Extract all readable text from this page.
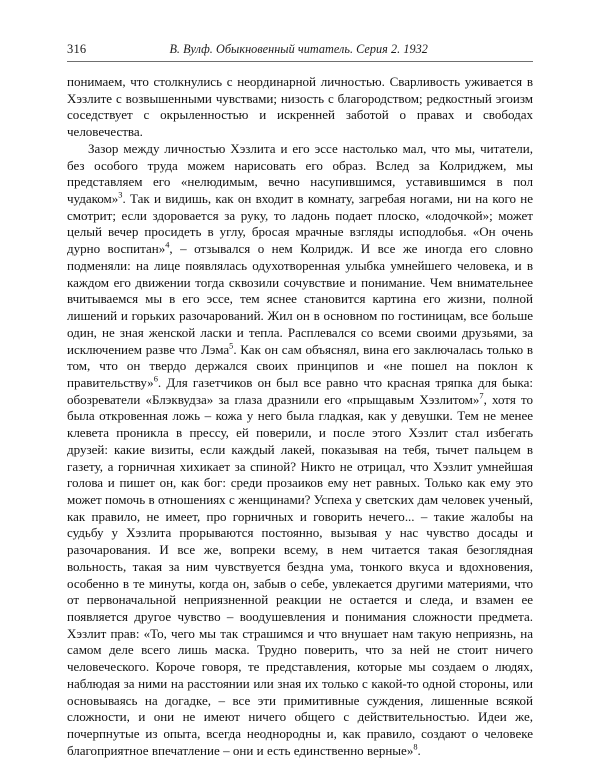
316	В. Вулф. Обыкновенный читатель. Серия 2. 1932

понимаем, что столкнулись с неординарной личностью. Сварливость уживается в Хэзлите с возвышенными чувствами; низость с благородством; редкостный эгоизм соседствует с окрыленностью и искренней заботой о правах и свободах человечества.

Зазор между личностью Хэзлита и его эссе настолько мал, что мы, читатели, без особого труда можем нарисовать его образ. Вслед за Колриджем, мы представляем его «нелюдимым, вечно насупившимся, уставившимся в пол чудаком»$^3$. Так и видишь, как он входит в комнату, загребая ногами, ни на кого не смотрит; если здоровается за руку, то ладонь подает плоско, «лодочкой»; может целый вечер просидеть в углу, бросая мрачные взгляды исподлобья. «Он очень дурно воспитан»$^4$, – отзывался о нем Колридж. И все же иногда его словно подменяли: на лице появлялась одухотворенная улыбка умнейшего человека, и в каждом его движении тогда сквозили сочувствие и понимание. Чем внимательнее вчитываемся мы в его эссе, тем яснее становится картина его жизни, полной лишений и горьких разочарований. Жил он в основном по гостиницам, все больше один, не зная женской ласки и тепла. Расплевался со всеми своими друзьями, за исключением разве что Лэма$^5$. Как он сам объяснял, вина его заключалась только в том, что он твердо держался своих принципов и «не пошел на поклон к правительству»$^6$. Для газетчиков он был все равно что красная тряпка для быка: обозреватели «Блэквудза» за глаза дразнили его «прыщавым Хэзлитом»$^7$, хотя то была откровенная ложь – кожа у него была гладкая, как у девушки. Тем не менее клевета проникла в прессу, ей поверили, и после этого Хэзлит стал избегать друзей: какие визиты, если каждый лакей, показывая на тебя, тычет пальцем в газету, а горничная хихикает за спиной? Никто не отрицал, что Хэзлит умнейшая голова и пишет он, как бог: среди прозаиков ему нет равных. Только как ему это может помочь в отношениях с женщинами? Успеха у светских дам человек ученый, как правило, не имеет, про горничных и говорить нечего... – такие жалобы на судьбу у Хэзлита прорываются постоянно, вызывая у нас чувство досады и разочарования. И все же, вопреки всему, в нем читается такая безоглядная вольность, такая за ним чувствуется бездна ума, тонкого вкуса и вдохновения, особенно в те минуты, когда он, забыв о себе, увлекается другими материями, что от первоначальной неприязненной реакции не остается и следа, и взамен ее появляется другое чувство – воодушевления и понимания сложности предмета. Хэзлит прав: «То, чего мы так страшимся и что внушает нам такую неприязнь, на самом деле всего лишь маска. Трудно поверить, что за ней не стоит ничего человеческого. Короче говоря, те представления, которые мы создаем о людях, наблюдая за ними на расстоянии или зная их только с какой-то одной стороны, или основываясь на догадке, – все эти примитивные суждения, лишенные всякой сложности, и они не имеют ничего общего с действительностью. Идеи же, почерпнутые из опыта, всегда неоднородны и, как правило, создают о человеке благоприятное впечатление – они и есть единственно верные»$^8$.
